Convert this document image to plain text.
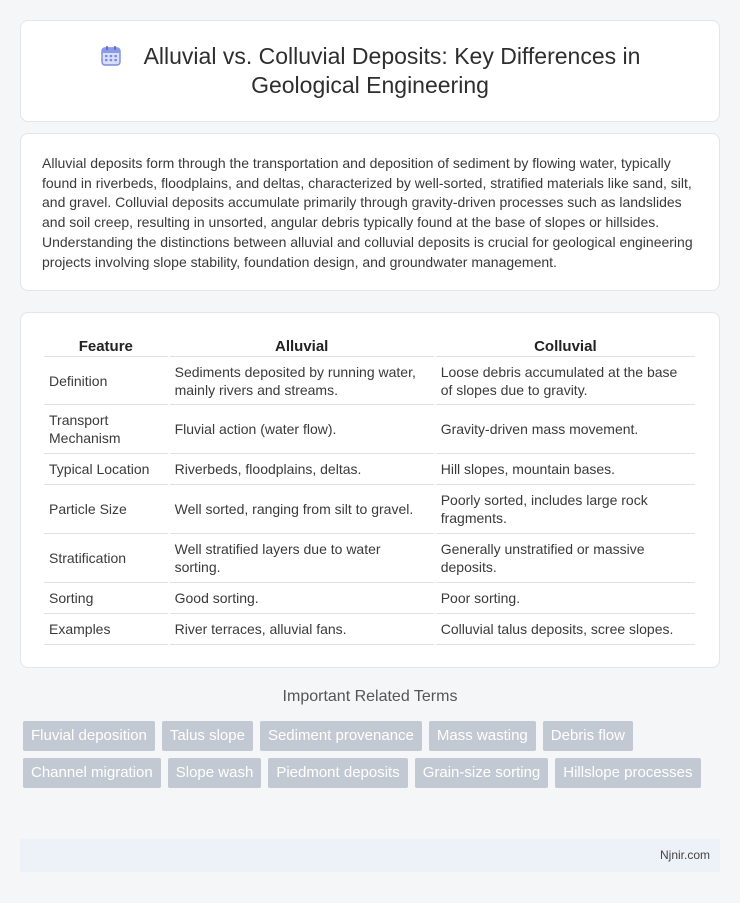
Alluvial vs. Colluvial Deposits: Key Differences in Geological Engineering

Alluvial deposits form through the transportation and deposition of sediment by flowing water, typically found in riverbeds, floodplains, and deltas, characterized by well-sorted, stratified materials like sand, silt, and gravel. Colluvial deposits accumulate primarily through gravity-driven processes such as landslides and soil creep, resulting in unsorted, angular debris typically found at the base of slopes or hillsides. Understanding the distinctions between alluvial and colluvial deposits is crucial for geological engineering projects involving slope stability, foundation design, and groundwater management.

Feature	Alluvial	Colluvial
Definition	Sediments deposited by running water, mainly rivers and streams.	Loose debris accumulated at the base of slopes due to gravity.
Transport Mechanism	Fluvial action (water flow).	Gravity-driven mass movement.
Typical Location	Riverbeds, floodplains, deltas.	Hill slopes, mountain bases.
Particle Size	Well sorted, ranging from silt to gravel.	Poorly sorted, includes large rock fragments.
Stratification	Well stratified layers due to water sorting.	Generally unstratified or massive deposits.
Sorting	Good sorting.	Poor sorting.
Examples	River terraces, alluvial fans.	Colluvial talus deposits, scree slopes.
Important Related Terms
Fluvial deposition	Talus slope	Sediment provenance	Mass wasting	Debris flow
Channel migration	Slope wash	Piedmont deposits	Grain-size sorting	Hillslope processes
Njnir.com
